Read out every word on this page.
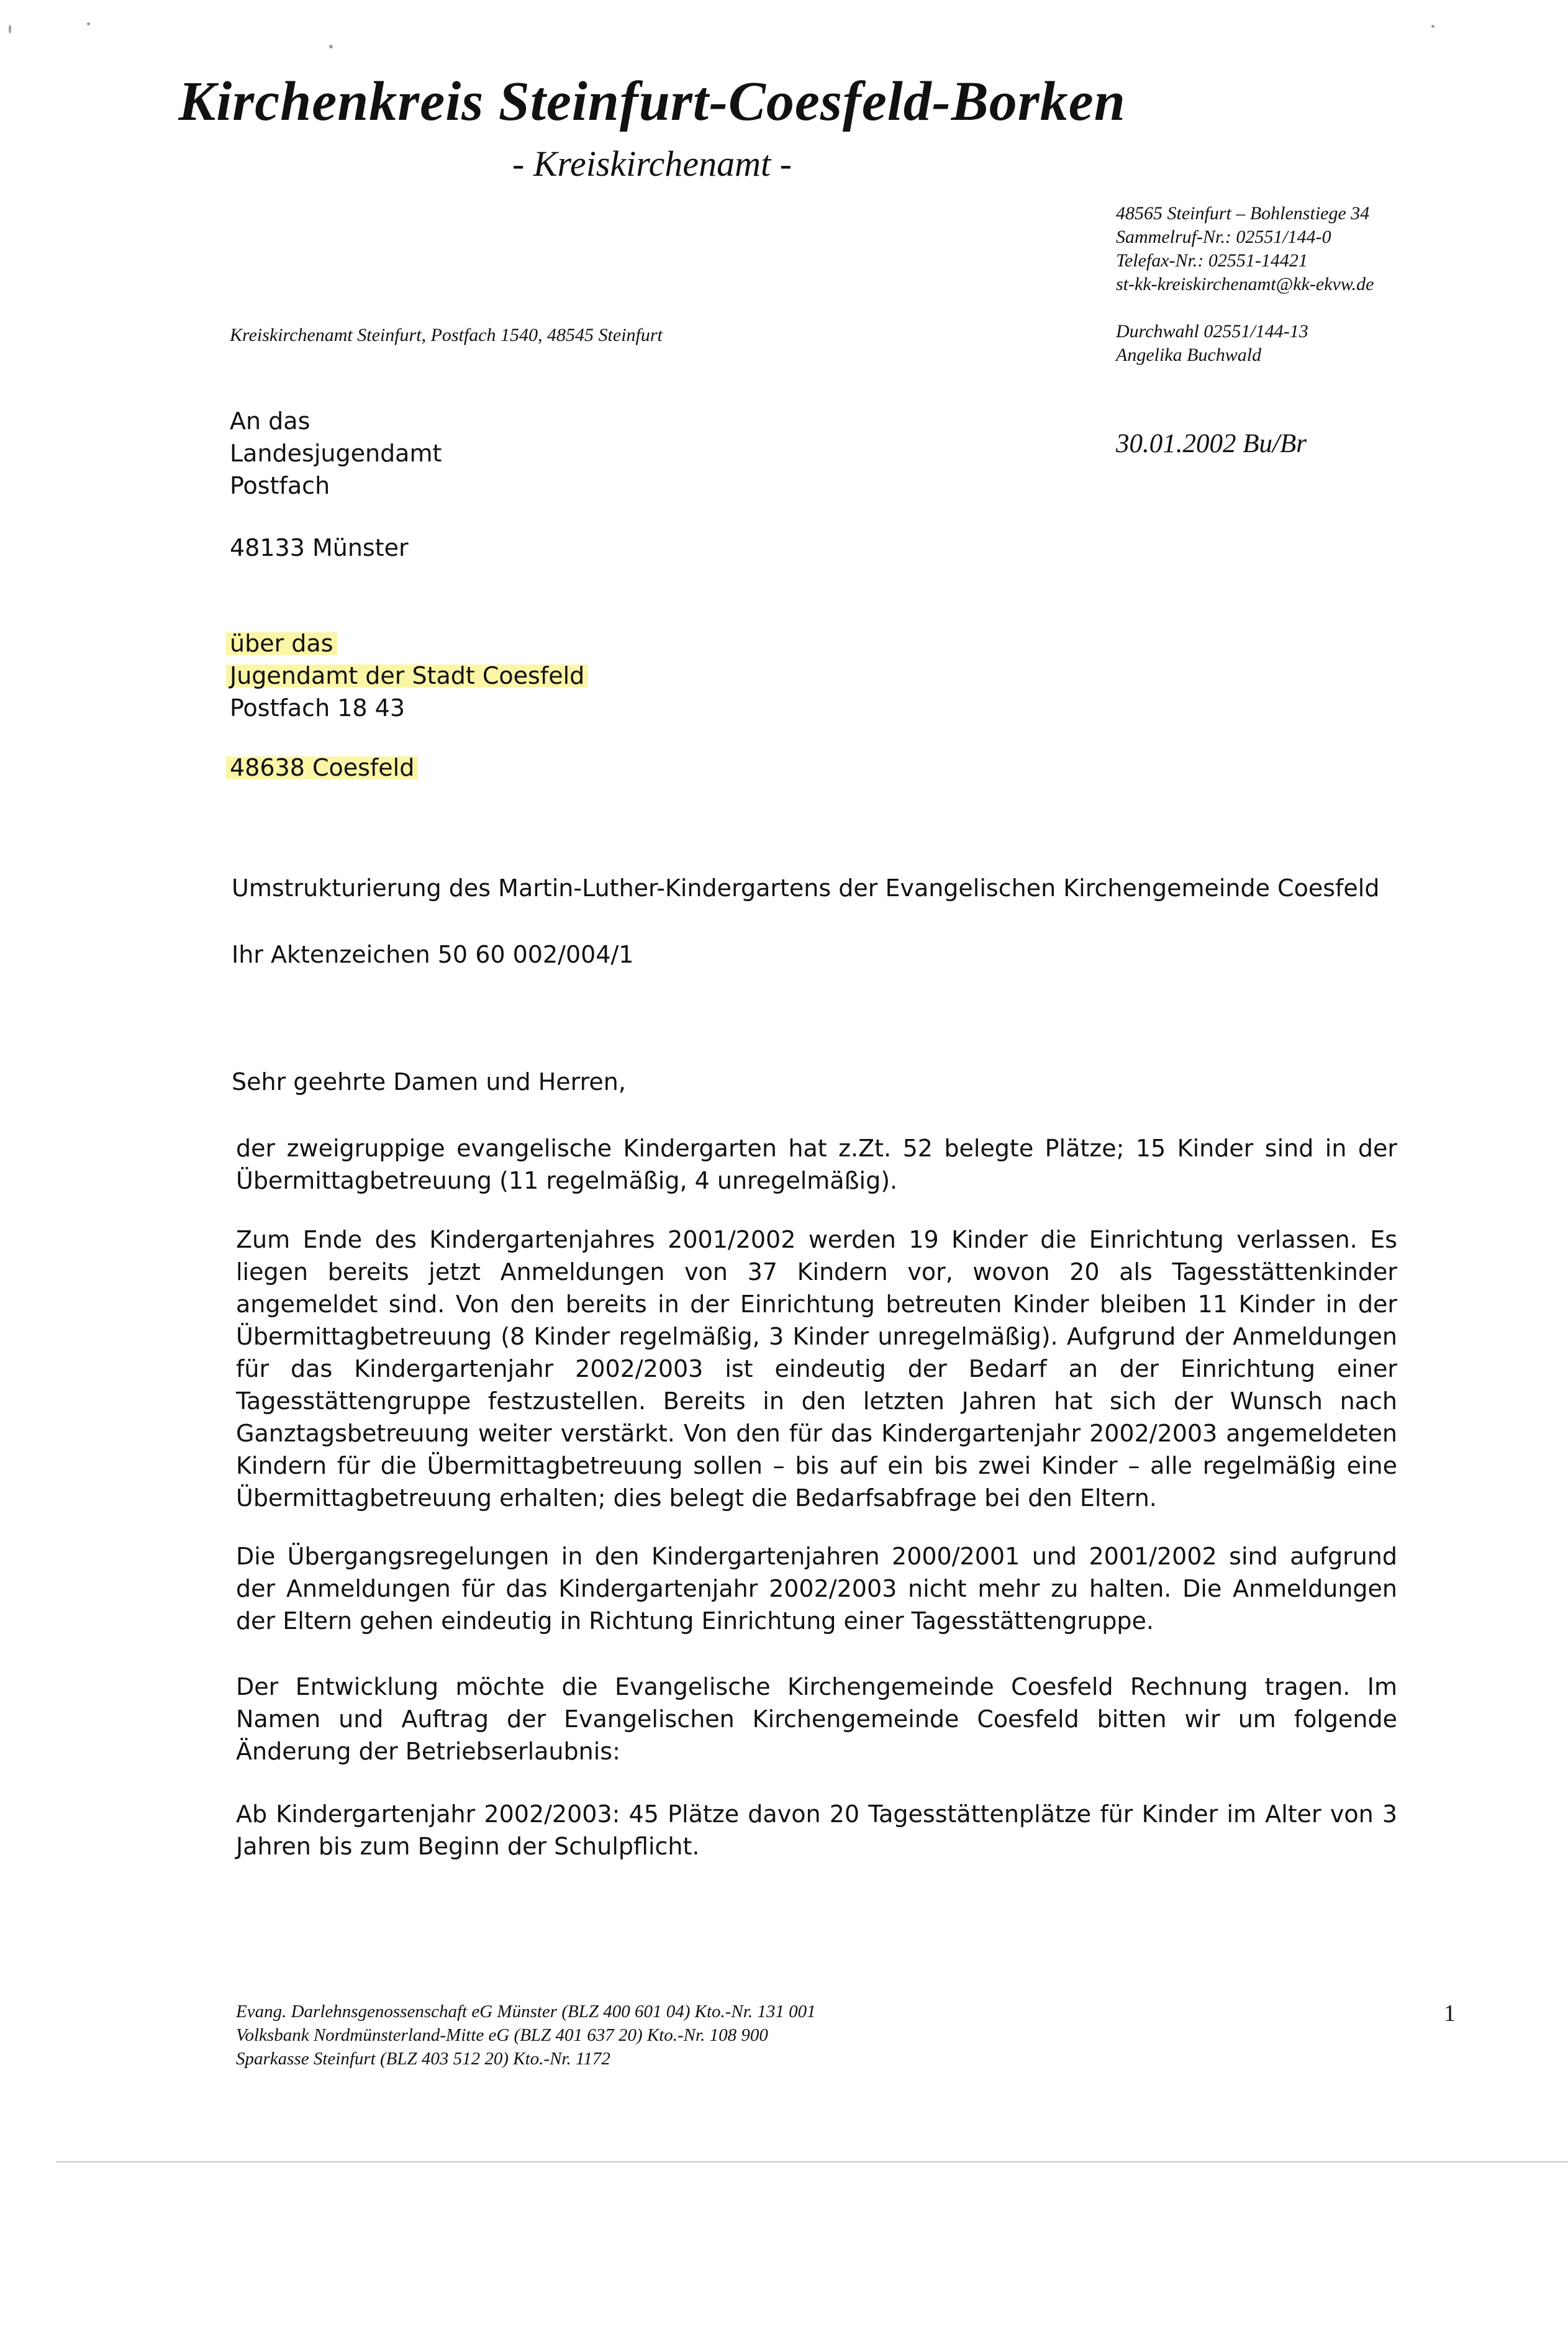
Kirchenkreis Steinfurt-Coesfeld-Borken
- Kreiskirchenamt -
48565 Steinfurt – Bohlenstiege 34
Sammelruf-Nr.: 02551/144-0
Telefax-Nr.: 02551-14421
st-kk-kreiskirchenamt@kk-ekvw.de
Kreiskirchenamt Steinfurt, Postfach 1540, 48545 Steinfurt	Durchwahl 02551/144-13
Angelika Buchwald
30.01.2002 Bu/Br
An das
Landesjugendamt
Postfach
48133 Münster
über das
Jugendamt der Stadt Coesfeld
Postfach 18 43
48638 Coesfeld
Umstrukturierung des Martin-Luther-Kindergartens der Evangelischen Kirchengemeinde Coesfeld
Ihr Aktenzeichen 50 60 002/004/1
Sehr geehrte Damen und Herren,
der zweigruppige evangelische Kindergarten hat z.Zt. 52 belegte Plätze; 15 Kinder sind in der Übermittagbetreuung (11 regelmäßig, 4 unregelmäßig).
Zum Ende des Kindergartenjahres 2001/2002 werden 19 Kinder die Einrichtung verlassen. Es liegen bereits jetzt Anmeldungen von 37 Kindern vor, wovon 20 als Tagesstättenkinder angemeldet sind. Von den bereits in der Einrichtung betreuten Kinder bleiben 11 Kinder in der Übermittagbetreuung (8 Kinder regelmäßig, 3 Kinder unregelmäßig). Aufgrund der Anmeldungen für das Kindergartenjahr 2002/2003 ist eindeutig der Bedarf an der Einrichtung einer Tagesstättengruppe festzustellen. Bereits in den letzten Jahren hat sich der Wunsch nach Ganztagsbetreuung weiter verstärkt. Von den für das Kindergartenjahr 2002/2003 angemeldeten Kindern für die Übermittagbetreuung sollen – bis auf ein bis zwei Kinder – alle regelmäßig eine Übermittagbetreuung erhalten; dies belegt die Bedarfsabfrage bei den Eltern.
Die Übergangsregelungen in den Kindergartenjahren 2000/2001 und 2001/2002 sind aufgrund der Anmeldungen für das Kindergartenjahr 2002/2003 nicht mehr zu halten. Die Anmeldungen der Eltern gehen eindeutig in Richtung Einrichtung einer Tagesstättengruppe.
Der Entwicklung möchte die Evangelische Kirchengemeinde Coesfeld Rechnung tragen. Im Namen und Auftrag der Evangelischen Kirchengemeinde Coesfeld bitten wir um folgende Änderung der Betriebserlaubnis:
Ab Kindergartenjahr 2002/2003: 45 Plätze davon 20 Tagesstättenplätze für Kinder im Alter von 3 Jahren bis zum Beginn der Schulpflicht.
Evang. Darlehnsgenossenschaft eG Münster (BLZ 400 601 04) Kto.-Nr. 131 001
Volksbank Nordmünsterland-Mitte eG (BLZ 401 637 20) Kto.-Nr. 108 900
Sparkasse Steinfurt (BLZ 403 512 20) Kto.-Nr. 1172
1
